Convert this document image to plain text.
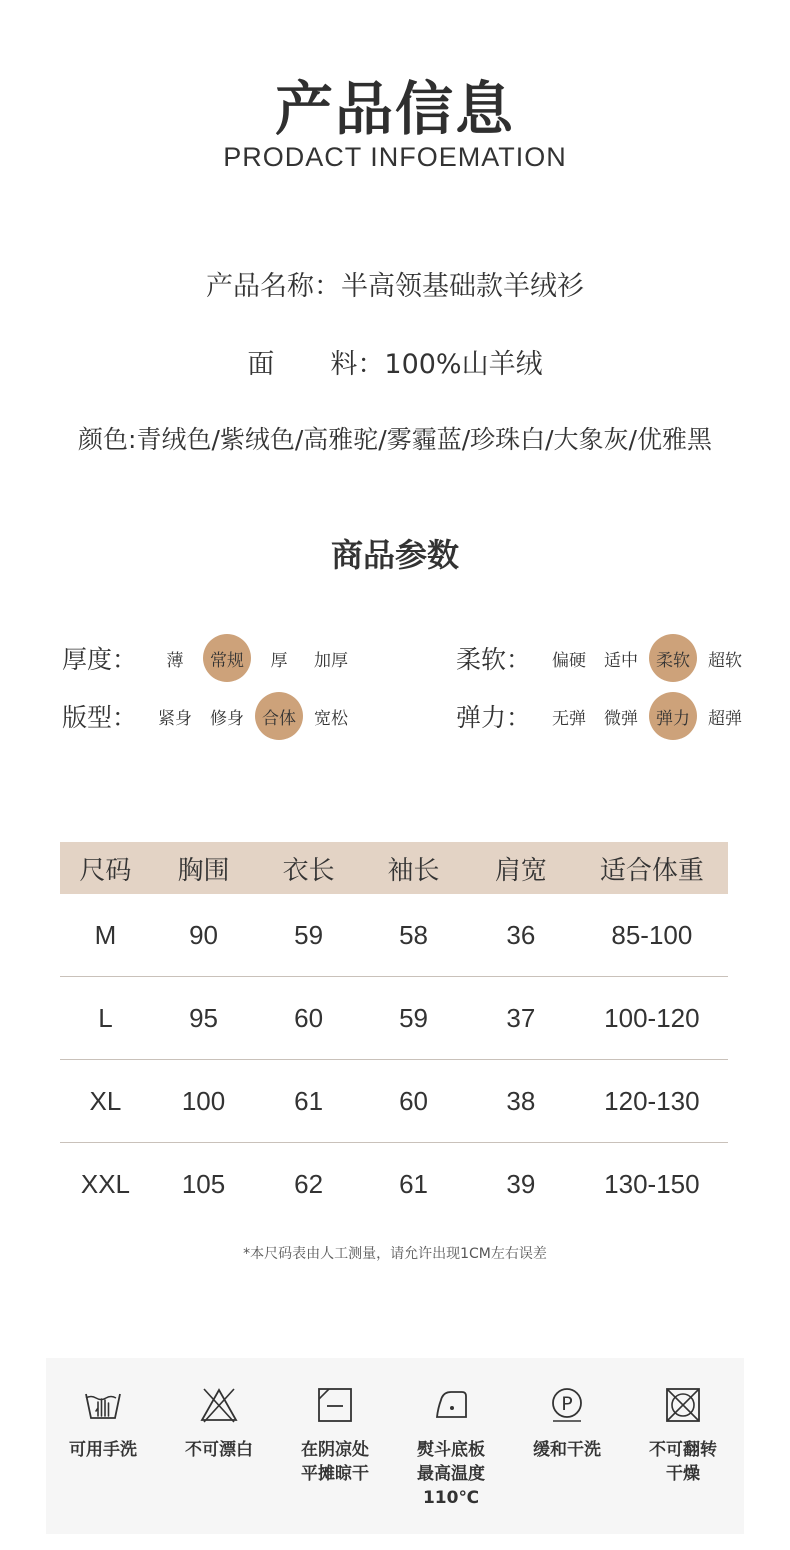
产品信息
PRODACT INFOEMATION
产品名称：半高领基础款羊绒衫
面料：100%山羊绒
颜色:青绒色/紫绒色/高雅驼/雾霾蓝/珍珠白/大象灰/优雅黑
商品参数
厚度：	薄	常规	厚	加厚	柔软：	偏硬	适中	柔软	超软
版型：	紧身	修身	合体	宽松	弹力：	无弹	微弹	弹力	超弹
尺码	胸围	衣长	袖长	肩宽	适合体重
M	90	59	58	36	85-100
L	95	60	59	37	100-120
XL	100	61	60	38	120-130
XXL	105	62	61	39	130-150
*本尺码表由人工测量，请允许出现1CM左右误差
可用手洗	不可漂白	在阴凉处
平摊晾干
熨斗底板
最高温度
110℃
P
缓和干洗	不可翻转
干燥
